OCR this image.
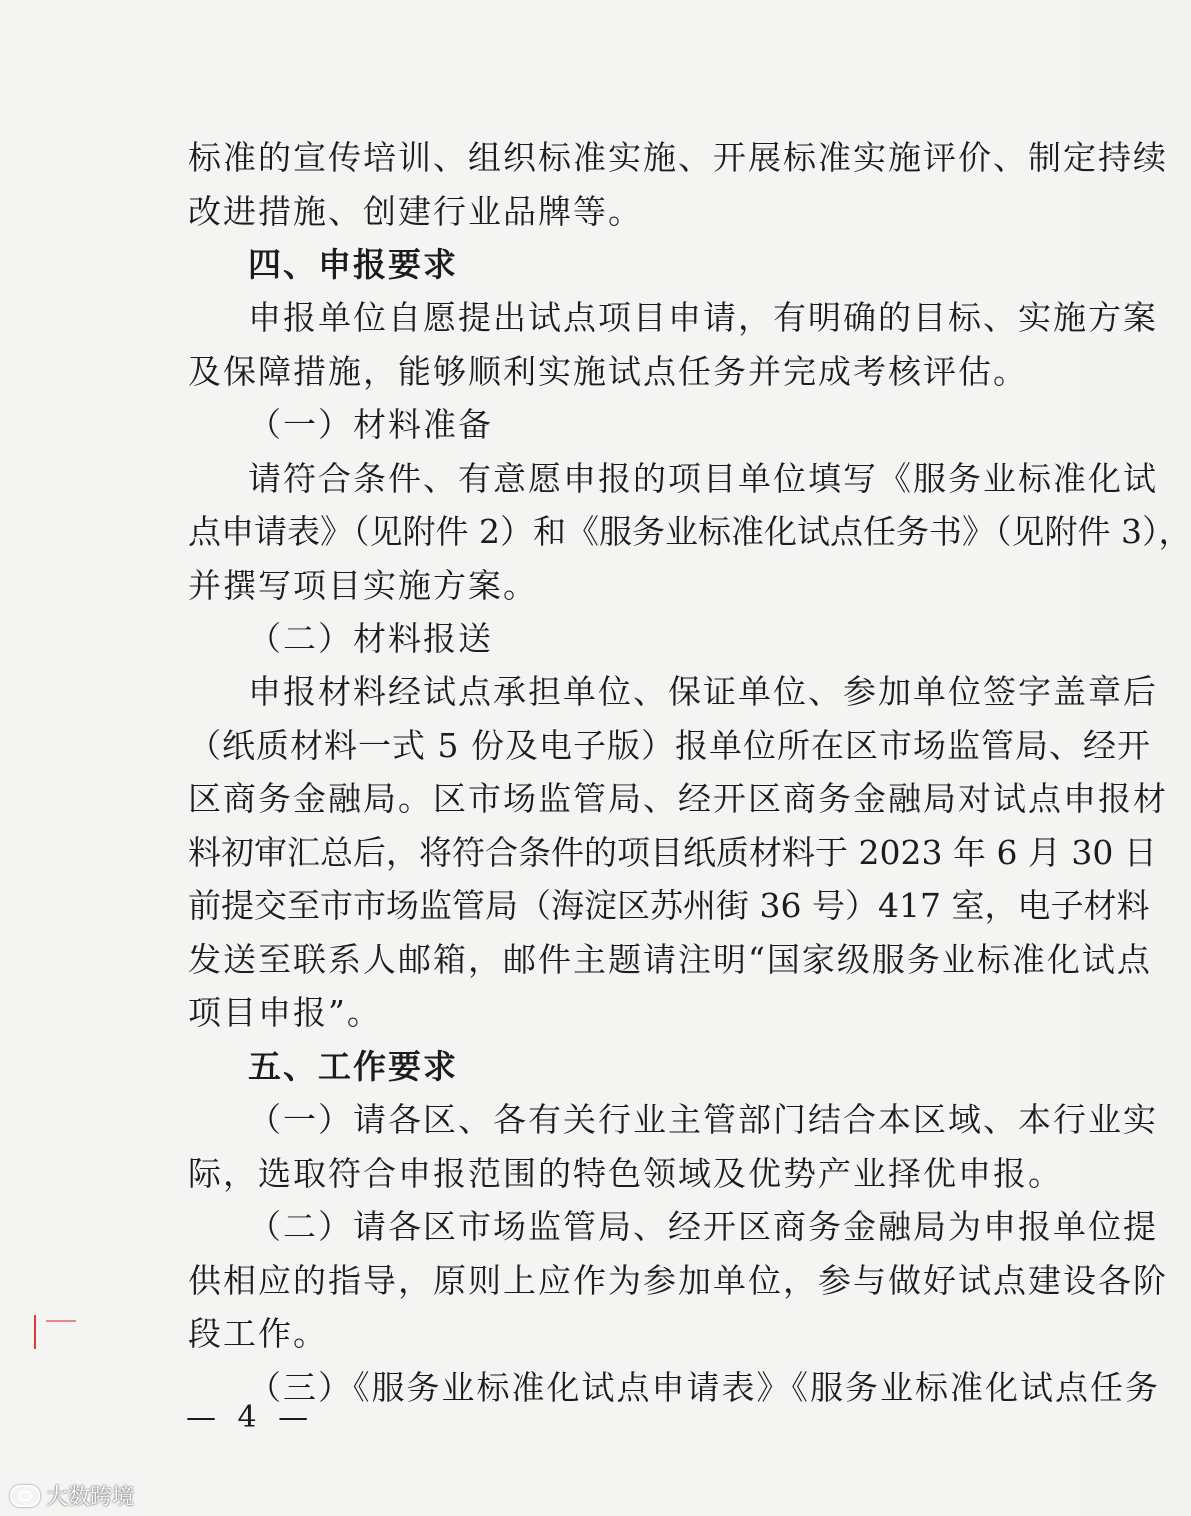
标准的宣传培训、组织标准实施、开展标准实施评价、制定持续
改进措施、创建行业品牌等。
四、申报要求
申报单位自愿提出试点项目申请，有明确的目标、实施方案
及保障措施，能够顺利实施试点任务并完成考核评估。
（一）材料准备
请符合条件、有意愿申报的项目单位填写《服务业标准化试
点申请表》（见附件 2）和《服务业标准化试点任务书》（见附件 3），
并撰写项目实施方案。
（二）材料报送
申报材料经试点承担单位、保证单位、参加单位签字盖章后
（纸质材料一式 5 份及电子版）报单位所在区市场监管局、经开
区商务金融局。区市场监管局、经开区商务金融局对试点申报材
料初审汇总后，将符合条件的项目纸质材料于 2023 年 6 月 30 日
前提交至市市场监管局（海淀区苏州街 36 号）417 室，电子材料
发送至联系人邮箱，邮件主题请注明“国家级服务业标准化试点
项目申报”。
五、工作要求
（一）请各区、各有关行业主管部门结合本区域、本行业实
际，选取符合申报范围的特色领域及优势产业择优申报。
（二）请各区市场监管局、经开区商务金融局为申报单位提
供相应的指导，原则上应作为参加单位，参与做好试点建设各阶
段工作。
（三）《服务业标准化试点申请表》《服务业标准化试点任务
— 4 —
大数跨境
